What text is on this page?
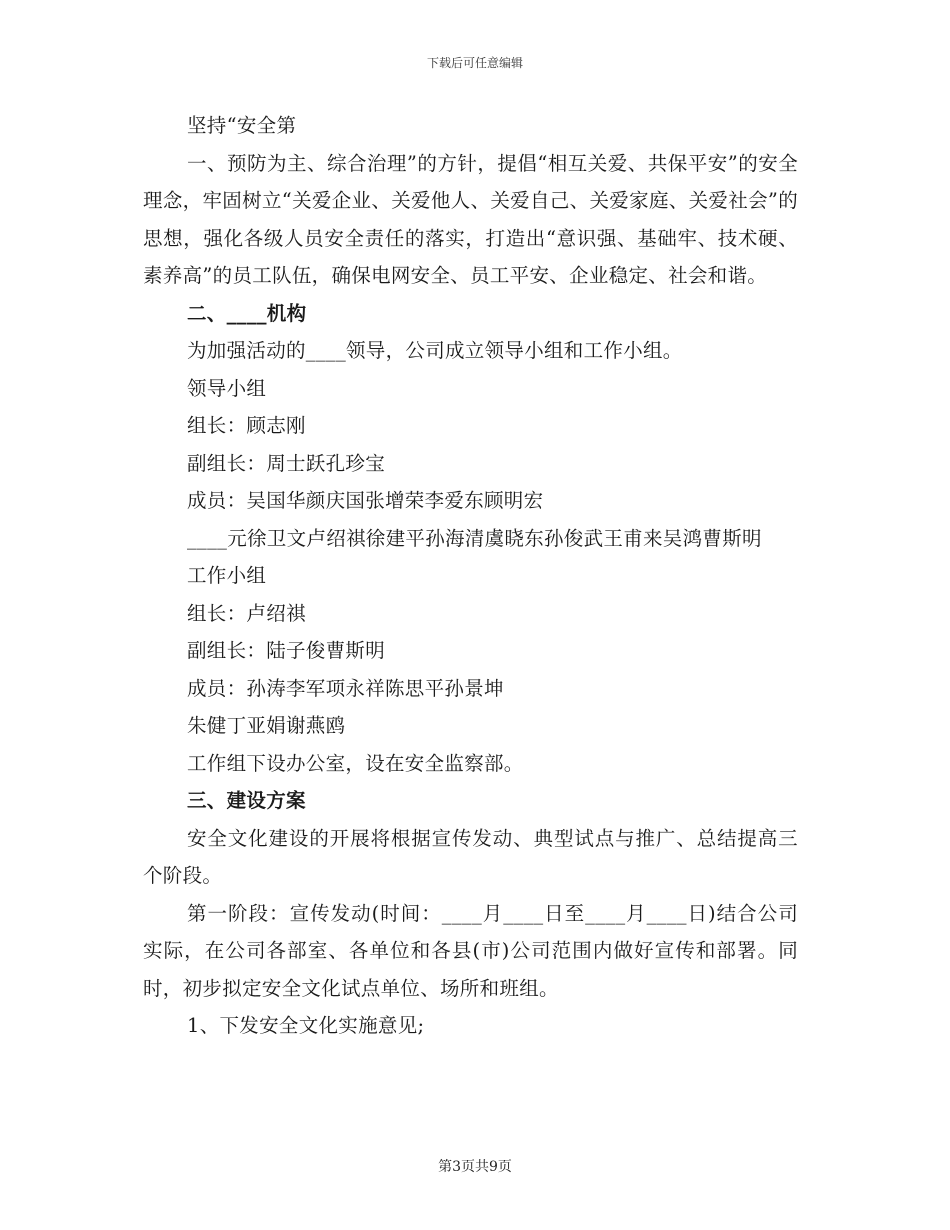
下载后可任意编辑

坚持“安全第

一、预防为主、综合治理”的方针，提倡“相互关爱、共保平安”的安全理念，牢固树立“关爱企业、关爱他人、关爱自己、关爱家庭、关爱社会”的思想，强化各级人员安全责任的落实，打造出“意识强、基础牢、技术硬、素养高”的员工队伍，确保电网安全、员工平安、企业稳定、社会和谐。

二、____机构

为加强活动的____领导，公司成立领导小组和工作小组。

领导小组

组长：顾志刚

副组长：周士跃孔珍宝

成员：吴国华颜庆国张增荣李爱东顾明宏

____元徐卫文卢绍祺徐建平孙海清虞晓东孙俊武王甫来吴鸿曹斯明

工作小组

组长：卢绍祺

副组长：陆子俊曹斯明

成员：孙涛李军项永祥陈思平孙景坤

朱健丁亚娟谢燕鸥

工作组下设办公室，设在安全监察部。

三、建设方案

安全文化建设的开展将根据宣传发动、典型试点与推广、总结提高三个阶段。

第一阶段：宣传发动(时间：____月____日至____月____日)结合公司实际，在公司各部室、各单位和各县(市)公司范围内做好宣传和部署。同时，初步拟定安全文化试点单位、场所和班组。

1、下发安全文化实施意见;

第3页共9页
